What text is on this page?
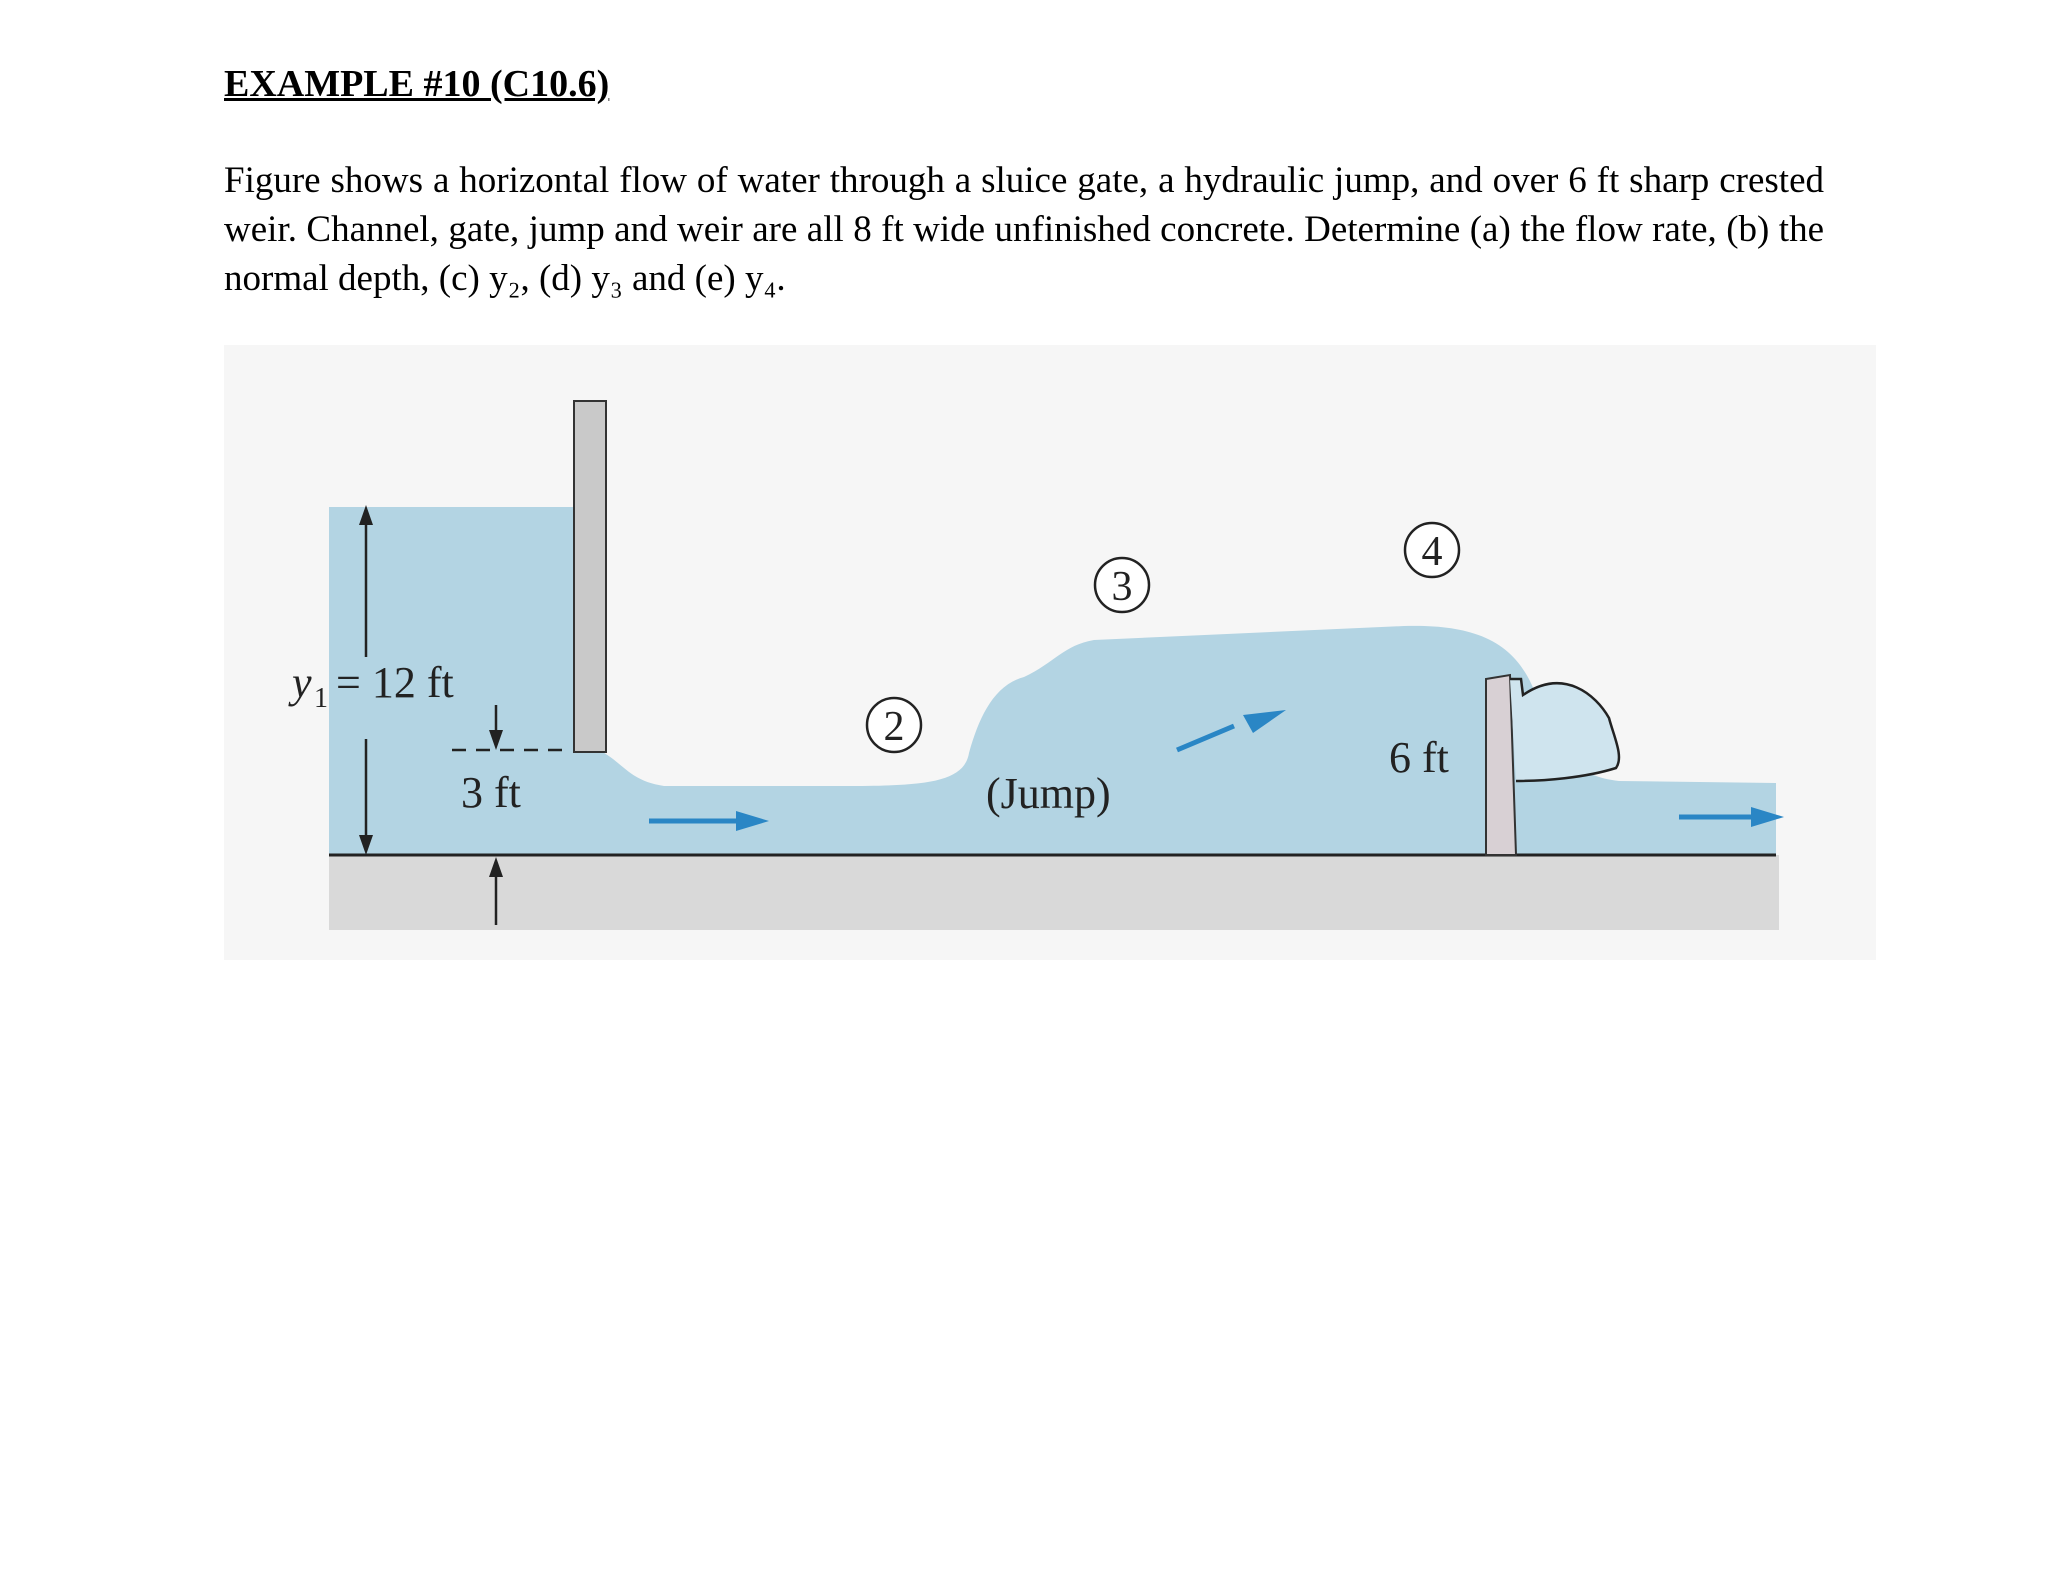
EXAMPLE #10 (C10.6)
Figure shows a horizontal flow of water through a sluice gate, a hydraulic jump, and over 6 ft sharp crested weir. Channel, gate, jump and weir are all 8 ft wide unfinished concrete. Determine (a) the flow rate, (b) the normal depth, (c) y₂, (d) y₃ and (e) y₄.
y 1 = 12 ft
3 ft
2
3
4
(Jump)
6 ft
